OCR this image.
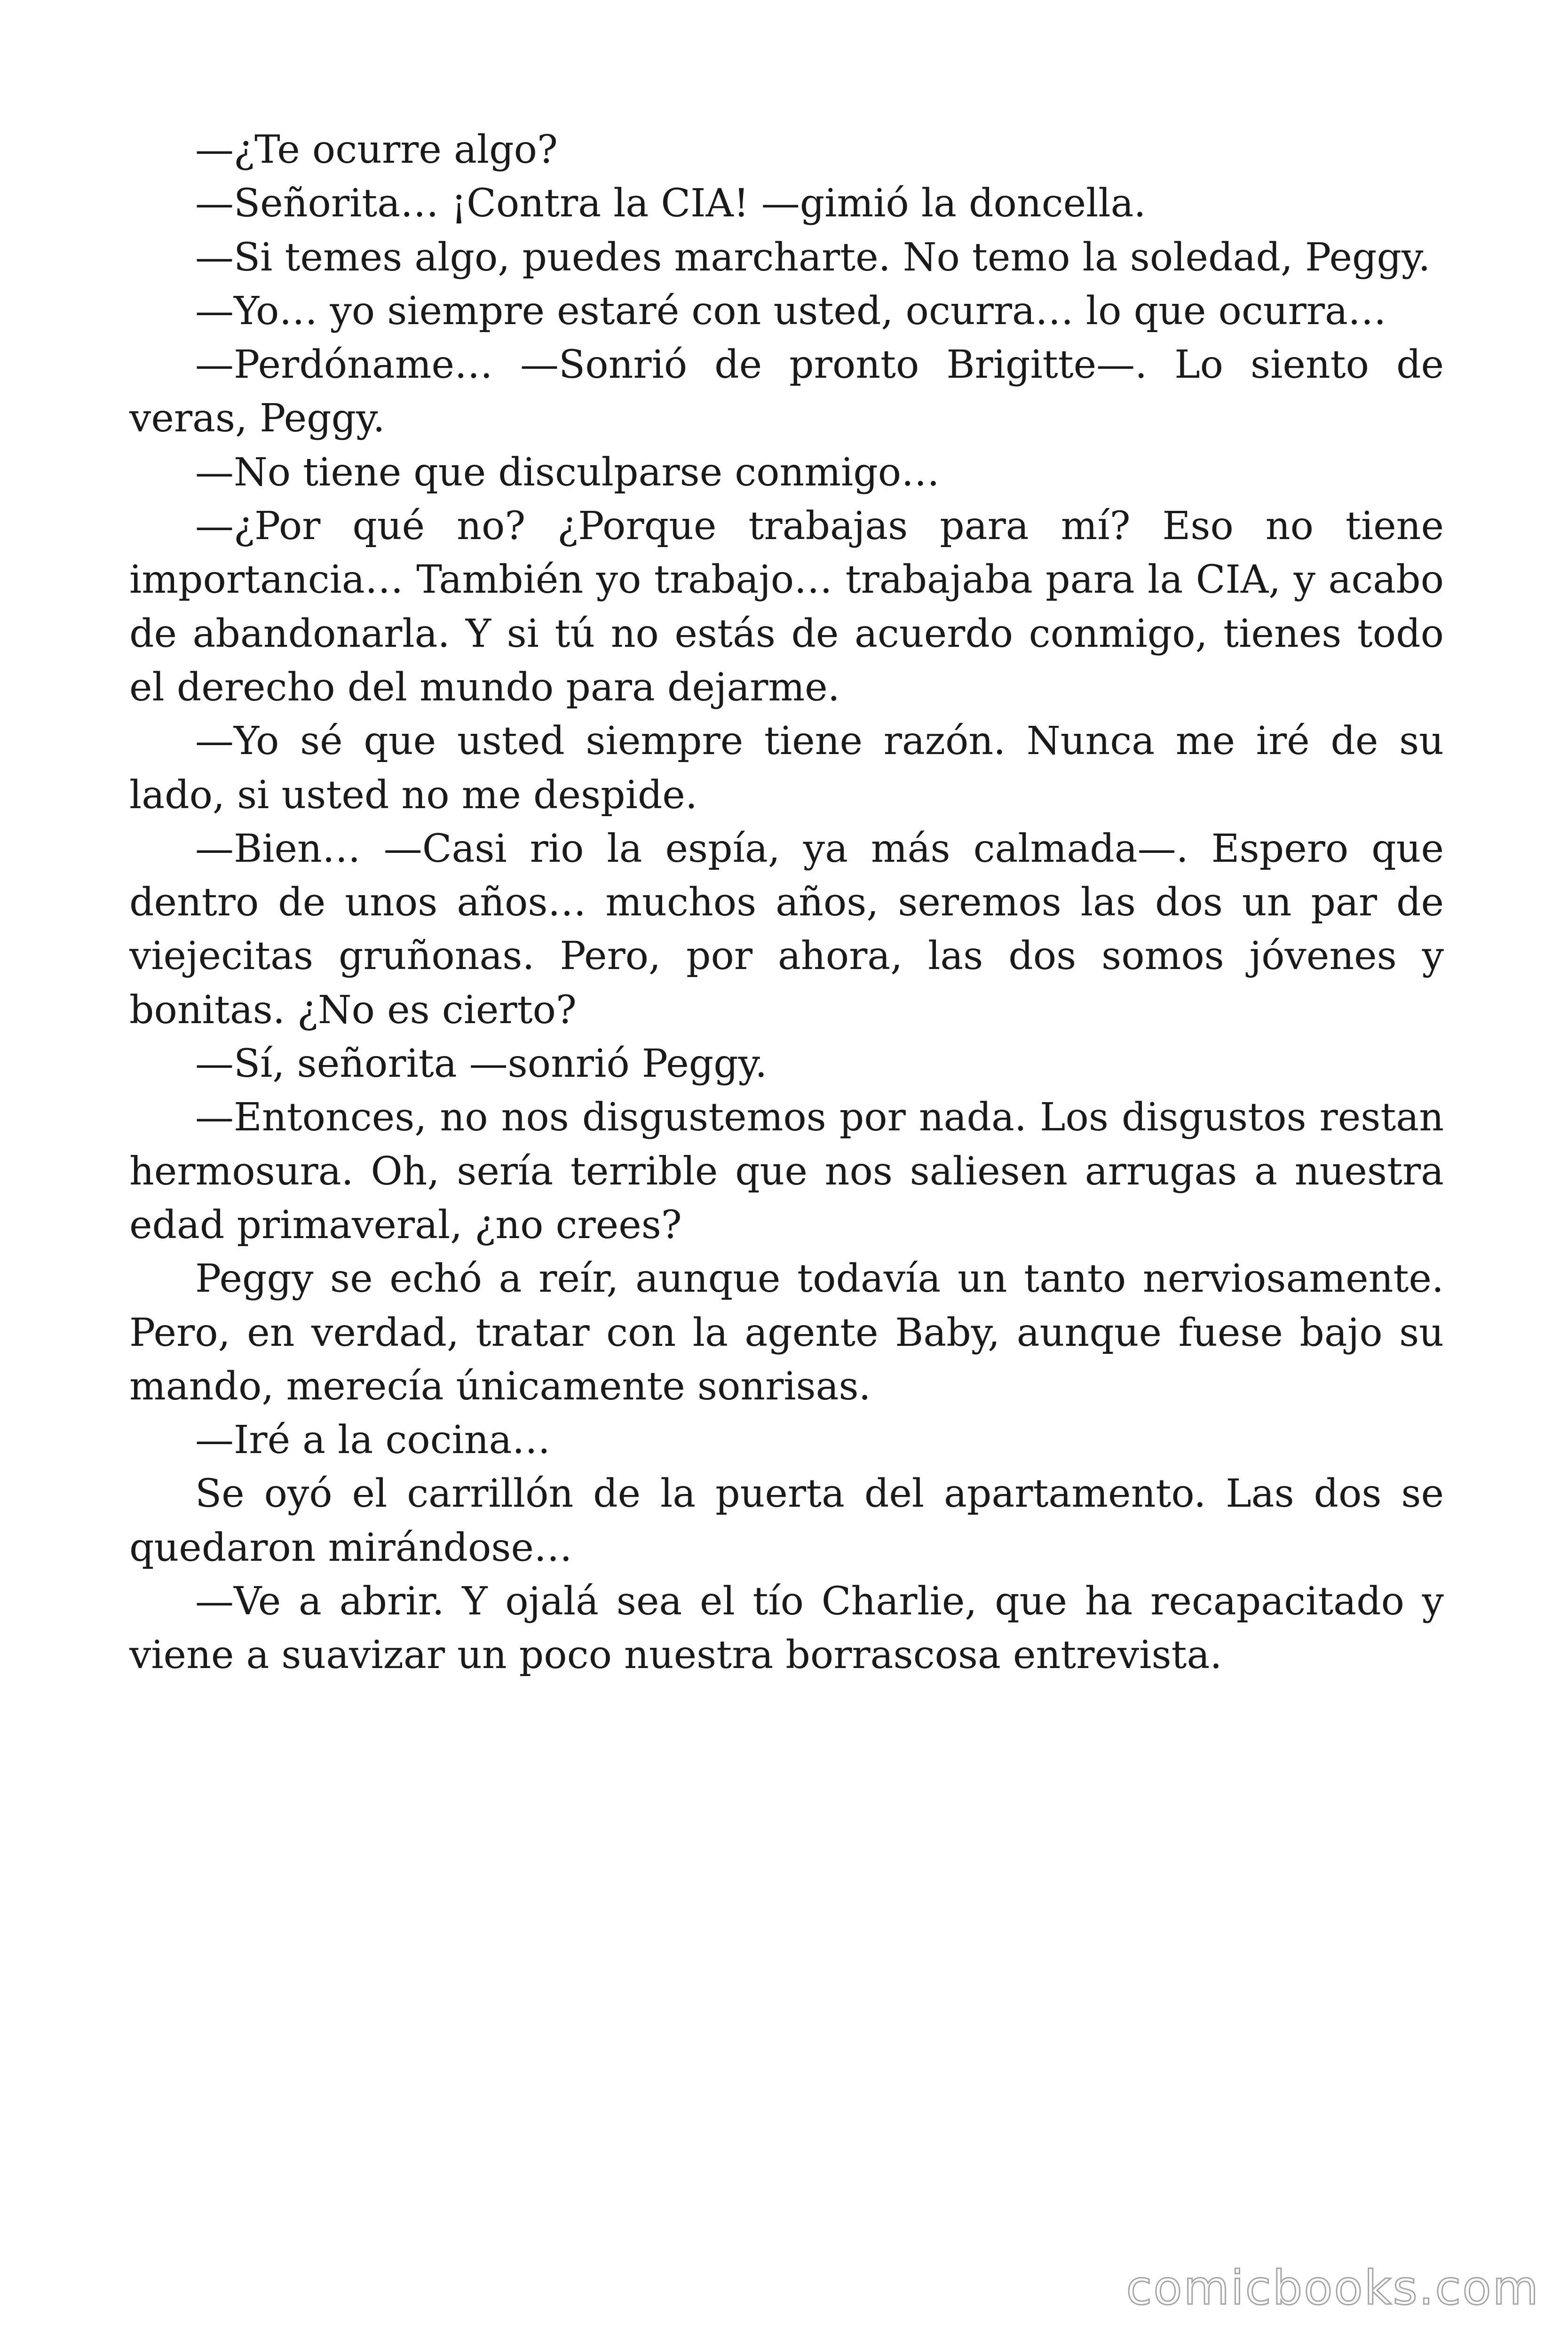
—¿Te ocurre algo?

—Señorita… ¡Contra la CIA! —gimió la doncella.

—Si temes algo, puedes marcharte. No temo la soledad, Peggy.

—Yo… yo siempre estaré con usted, ocurra… lo que ocurra…

—Perdóname… —Sonrió de pronto Brigitte—. Lo siento de veras, Peggy.

—No tiene que disculparse conmigo…

—¿Por qué no? ¿Porque trabajas para mí? Eso no tiene importancia… También yo trabajo… trabajaba para la CIA, y acabo de abandonarla. Y si tú no estás de acuerdo conmigo, tienes todo el derecho del mundo para dejarme.

—Yo sé que usted siempre tiene razón. Nunca me iré de su lado, si usted no me despide.

—Bien… —Casi rio la espía, ya más calmada—. Espero que dentro de unos años… muchos años, seremos las dos un par de viejecitas gruñonas. Pero, por ahora, las dos somos jóvenes y bonitas. ¿No es cierto?

—Sí, señorita —sonrió Peggy.

—Entonces, no nos disgustemos por nada. Los disgustos restan hermosura. Oh, sería terrible que nos saliesen arrugas a nuestra edad primaveral, ¿no crees?

Peggy se echó a reír, aunque todavía un tanto nerviosamente. Pero, en verdad, tratar con la agente Baby, aunque fuese bajo su mando, merecía únicamente sonrisas.

—Iré a la cocina…

Se oyó el carrillón de la puerta del apartamento. Las dos se quedaron mirándose…

—Ve a abrir. Y ojalá sea el tío Charlie, que ha recapacitado y viene a suavizar un poco nuestra borrascosa entrevista.

comicbooks.com
